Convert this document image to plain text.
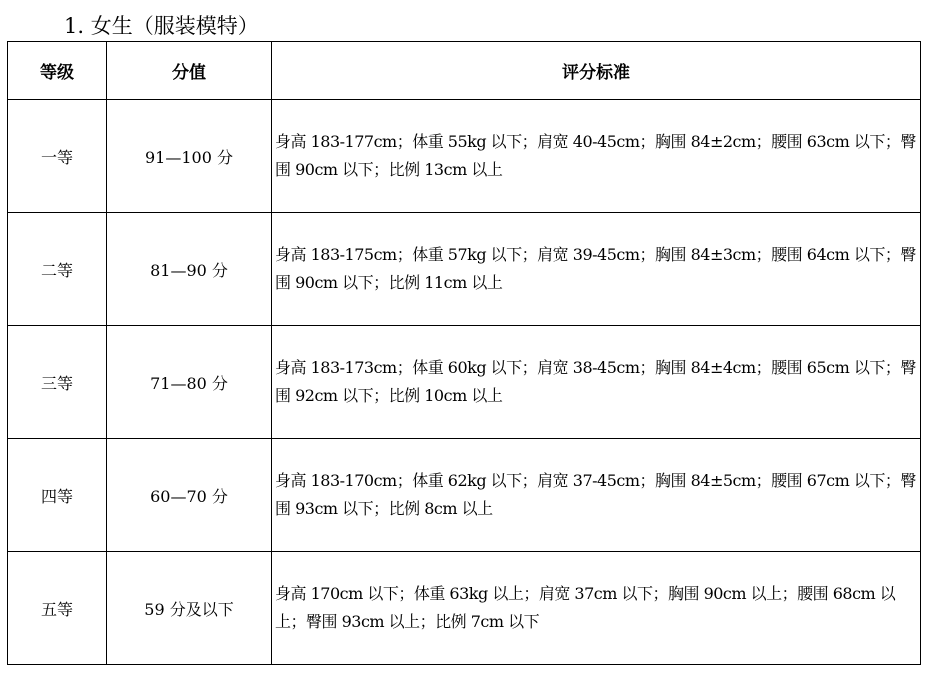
1. 女生（服装模特）
等级	分值	评分标准
一等	91—100 分	身高 183-177cm；体重 55kg 以下；肩宽 40-45cm；胸围 84±2cm；腰围 63cm 以下；臀围 90cm 以下；比例 13cm 以上
二等	81—90 分	身高 183-175cm；体重 57kg 以下；肩宽 39-45cm；胸围 84±3cm；腰围 64cm 以下；臀围 90cm 以下；比例 11cm 以上
三等	71—80 分	身高 183-173cm；体重 60kg 以下；肩宽 38-45cm；胸围 84±4cm；腰围 65cm 以下；臀围 92cm 以下；比例 10cm 以上
四等	60—70 分	身高 183-170cm；体重 62kg 以下；肩宽 37-45cm；胸围 84±5cm；腰围 67cm 以下；臀围 93cm 以下；比例 8cm 以上
五等	59 分及以下	身高 170cm 以下；体重 63kg 以上；肩宽 37cm 以下；胸围 90cm 以上；腰围 68cm 以上；臀围 93cm 以上；比例 7cm 以下
